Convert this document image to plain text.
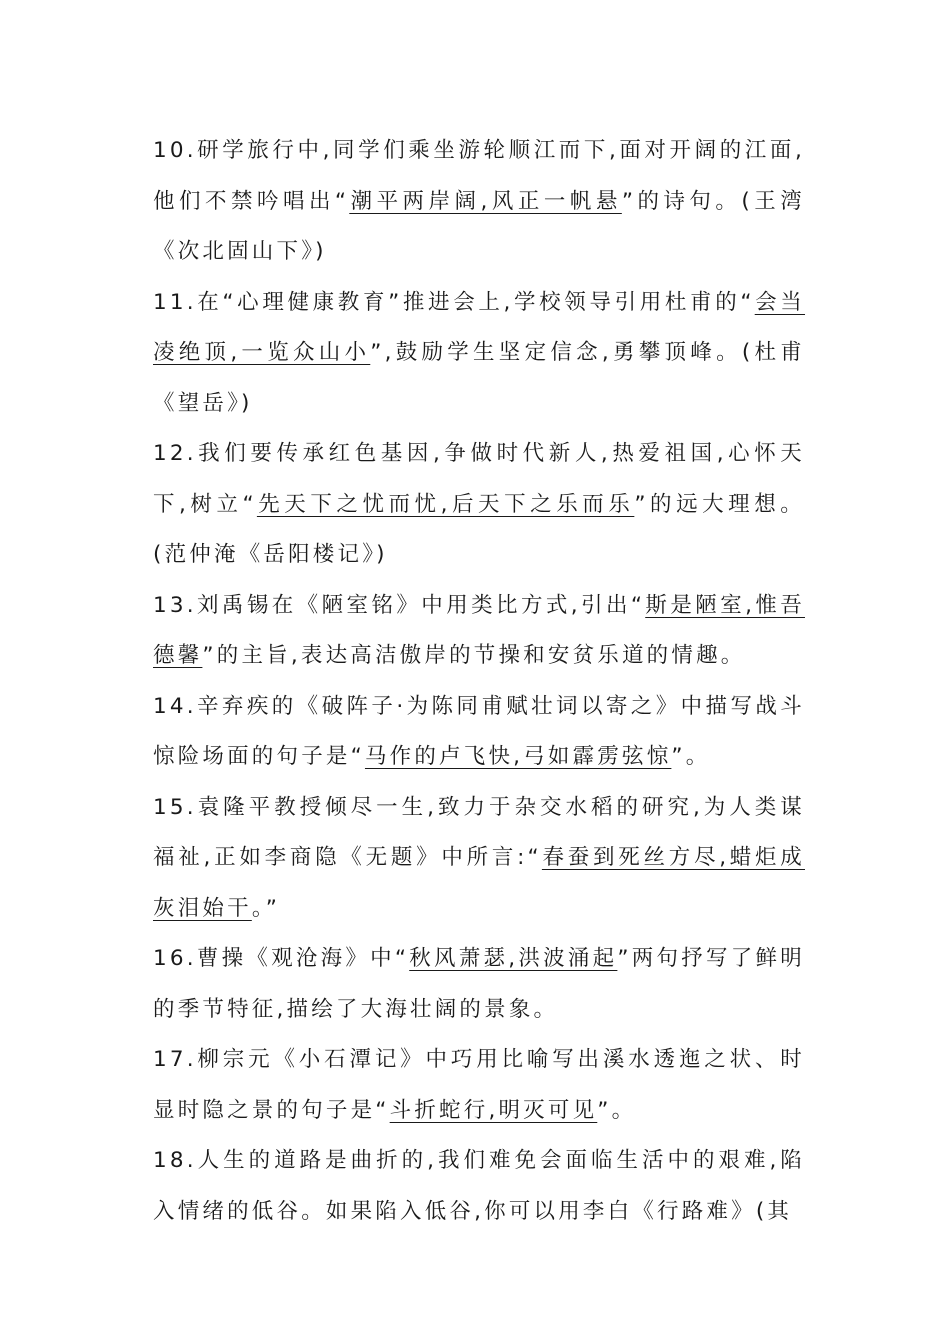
10.研学旅行中,同学们乘坐游轮顺江而下,面对开阔的江面,他们不禁吟唱出“潮平两岸阔,风正一帆悬”的诗句。(王湾《次北固山下》)

11.在“心理健康教育”推进会上,学校领导引用杜甫的“会当凌绝顶,一览众山小”,鼓励学生坚定信念,勇攀顶峰。(杜甫《望岳》)

12.我们要传承红色基因,争做时代新人,热爱祖国,心怀天下,树立“先天下之忧而忧,后天下之乐而乐”的远大理想。(范仲淹《岳阳楼记》)

13.刘禹锡在《陋室铭》中用类比方式,引出“斯是陋室,惟吾德馨”的主旨,表达高洁傲岸的节操和安贫乐道的情趣。

14.辛弃疾的《破阵子·为陈同甫赋壮词以寄之》中描写战斗惊险场面的句子是“马作的卢飞快,弓如霹雳弦惊”。

15.袁隆平教授倾尽一生,致力于杂交水稻的研究,为人类谋福祉,正如李商隐《无题》中所言:“春蚕到死丝方尽,蜡炬成灰泪始干。”

16.曹操《观沧海》中“秋风萧瑟,洪波涌起”两句抒写了鲜明的季节特征,描绘了大海壮阔的景象。

17.柳宗元《小石潭记》中巧用比喻写出溪水透迤之状、时显时隐之景的句子是“斗折蛇行,明灭可见”。

18.人生的道路是曲折的,我们难免会面临生活中的艰难,陷入情绪的低谷。如果陷入低谷,你可以用李白《行路难》(其
